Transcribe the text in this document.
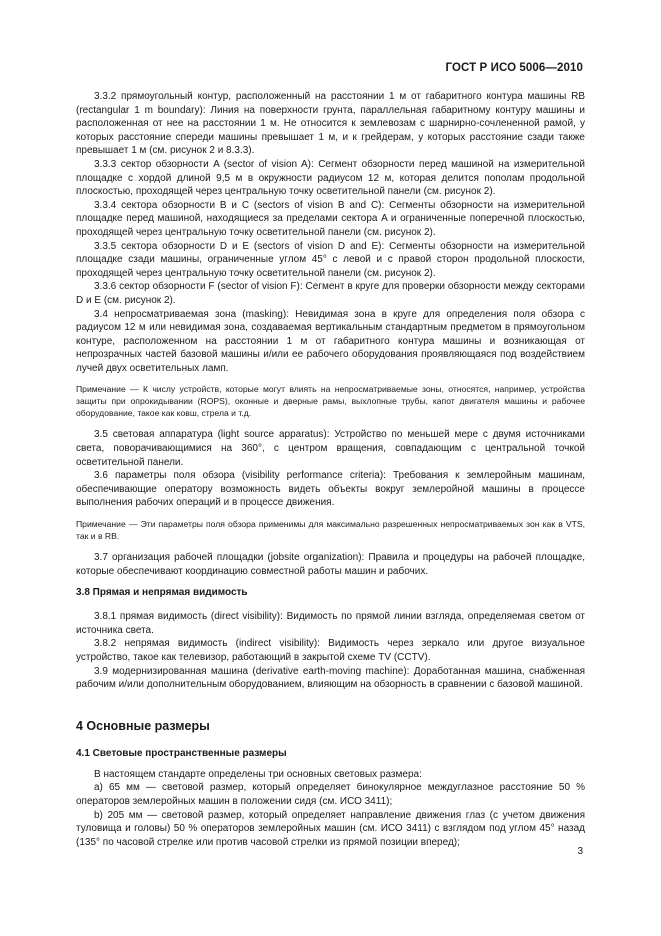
ГОСТ Р ИСО 5006—2010

3.3.2 прямоугольный контур, расположенный на расстоянии 1 м от габаритного контура машины RB (rectangular 1 m boundary): Линия на поверхности грунта, параллельная габаритному контуру машины и расположенная от нее на расстоянии 1 м. Не относится к землевозам с шарнирно-сочлененной рамой, у которых расстояние спереди машины превышает 1 м, и к грейдерам, у которых расстояние сзади также превышает 1 м (см. рисунок 2 и 8.3.3).

3.3.3 сектор обзорности A (sector of vision A): Сегмент обзорности перед машиной на измерительной площадке с хордой длиной 9,5 м в окружности радиусом 12 м, которая делится пополам продольной плоскостью, проходящей через центральную точку осветительной панели (см. рисунок 2).

3.3.4 сектора обзорности B и C (sectors of vision B and C): Сегменты обзорности на измерительной площадке перед машиной, находящиеся за пределами сектора A и ограниченные поперечной плоскостью, проходящей через центральную точку осветительной панели (см. рисунок 2).

3.3.5 сектора обзорности D и E (sectors of vision D and E): Сегменты обзорности на измерительной площадке сзади машины, ограниченные углом 45° с левой и с правой сторон продольной плоскости, проходящей через центральную точку осветительной панели (см. рисунок 2).

3.3.6 сектор обзорности F (sector of vision F): Сегмент в круге для проверки обзорности между секторами D и E (см. рисунок 2).

3.4 непросматриваемая зона (masking): Невидимая зона в круге для определения поля обзора с радиусом 12 м или невидимая зона, создаваемая вертикальным стандартным предметом в прямоугольном контуре, расположенном на расстоянии 1 м от габаритного контура машины и возникающая от непрозрачных частей базовой машины и/или ее рабочего оборудования проявляющаяся под воздействием лучей двух осветительных ламп.

Примечание — К числу устройств, которые могут влиять на непросматриваемые зоны, относятся, например, устройства защиты при опрокидывании (ROPS), оконные и дверные рамы, выхлопные трубы, капот двигателя машины и рабочее оборудование, такое как ковш, стрела и т.д.

3.5 световая аппаратура (light source apparatus): Устройство по меньшей мере с двумя источниками света, поворачивающимися на 360°, с центром вращения, совпадающим с центральной точкой осветительной панели.

3.6 параметры поля обзора (visibility performance criteria): Требования к землеройным машинам, обеспечивающие оператору возможность видеть объекты вокруг землеройной машины в процессе выполнения рабочих операций и в процессе движения.

Примечание — Эти параметры поля обзора применимы для максимально разрешенных непросматриваемых зон как в VTS, так и в RB.

3.7 организация рабочей площадки (jobsite organization): Правила и процедуры на рабочей площадке, которые обеспечивают координацию совместной работы машин и рабочих.

3.8 Прямая и непрямая видимость

3.8.1 прямая видимость (direct visibility): Видимость по прямой линии взгляда, определяемая светом от источника света.

3.8.2 непрямая видимость (indirect visibility): Видимость через зеркало или другое визуальное устройство, такое как телевизор, работающий в закрытой схеме ТV (CCTV).

3.9 модернизированная машина (derivative earth-moving machine): Доработанная машина, снабженная рабочим и/или дополнительным оборудованием, влияющим на обзорность в сравнении с базовой машиной.

4 Основные размеры
4.1 Световые пространственные размеры

В настоящем стандарте определены три основных световых размера:

а) 65 мм — световой размер, который определяет бинокулярное междуглазное расстояние 50 % операторов землеройных машин в положении сидя (см. ИСО 3411);

b) 205 мм — световой размер, который определяет направление движения глаз (с учетом движения туловища и головы) 50 % операторов землеройных машин (см. ИСО 3411) с взглядом под углом 45° назад (135° по часовой стрелке или против часовой стрелки из прямой позиции вперед);

3
